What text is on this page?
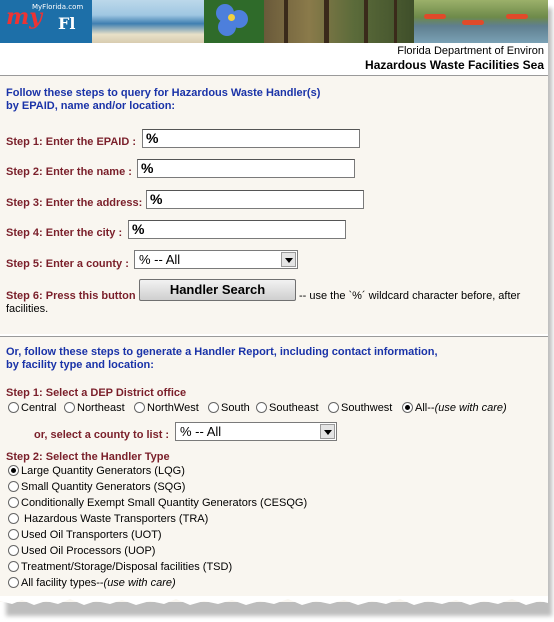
my
MyFlorida.com
Fl
Florida Department of Environ
Hazardous Waste Facilities Sea
Follow these steps to query for Hazardous Waste Handler(s)
by EPAID, name and/or location:
Step 1: Enter the EPAID : %
Step 2: Enter the name : %
Step 3: Enter the address: %
Step 4: Enter the city : %
Step 5: Enter a county : % -- All
Step 6: Press this button	Handler Search	-- use the `%´ wildcard character before, after
facilities.
Or, follow these steps to generate a Handler Report, including contact information,
by facility type and location:
Step 1: Select a DEP District office
Central Northeast NorthWest South Southeast Southwest All--(use with care)
or, select a county to list : % -- All
Step 2: Select the Handler Type
Large Quantity Generators (LQG)
Small Quantity Generators (SQG)
Conditionally Exempt Small Quantity Generators (CESQG)
Hazardous Waste Transporters (TRA)
Used Oil Transporters (UOT)
Used Oil Processors (UOP)
Treatment/Storage/Disposal facilities (TSD)
All facility types--(use with care)
